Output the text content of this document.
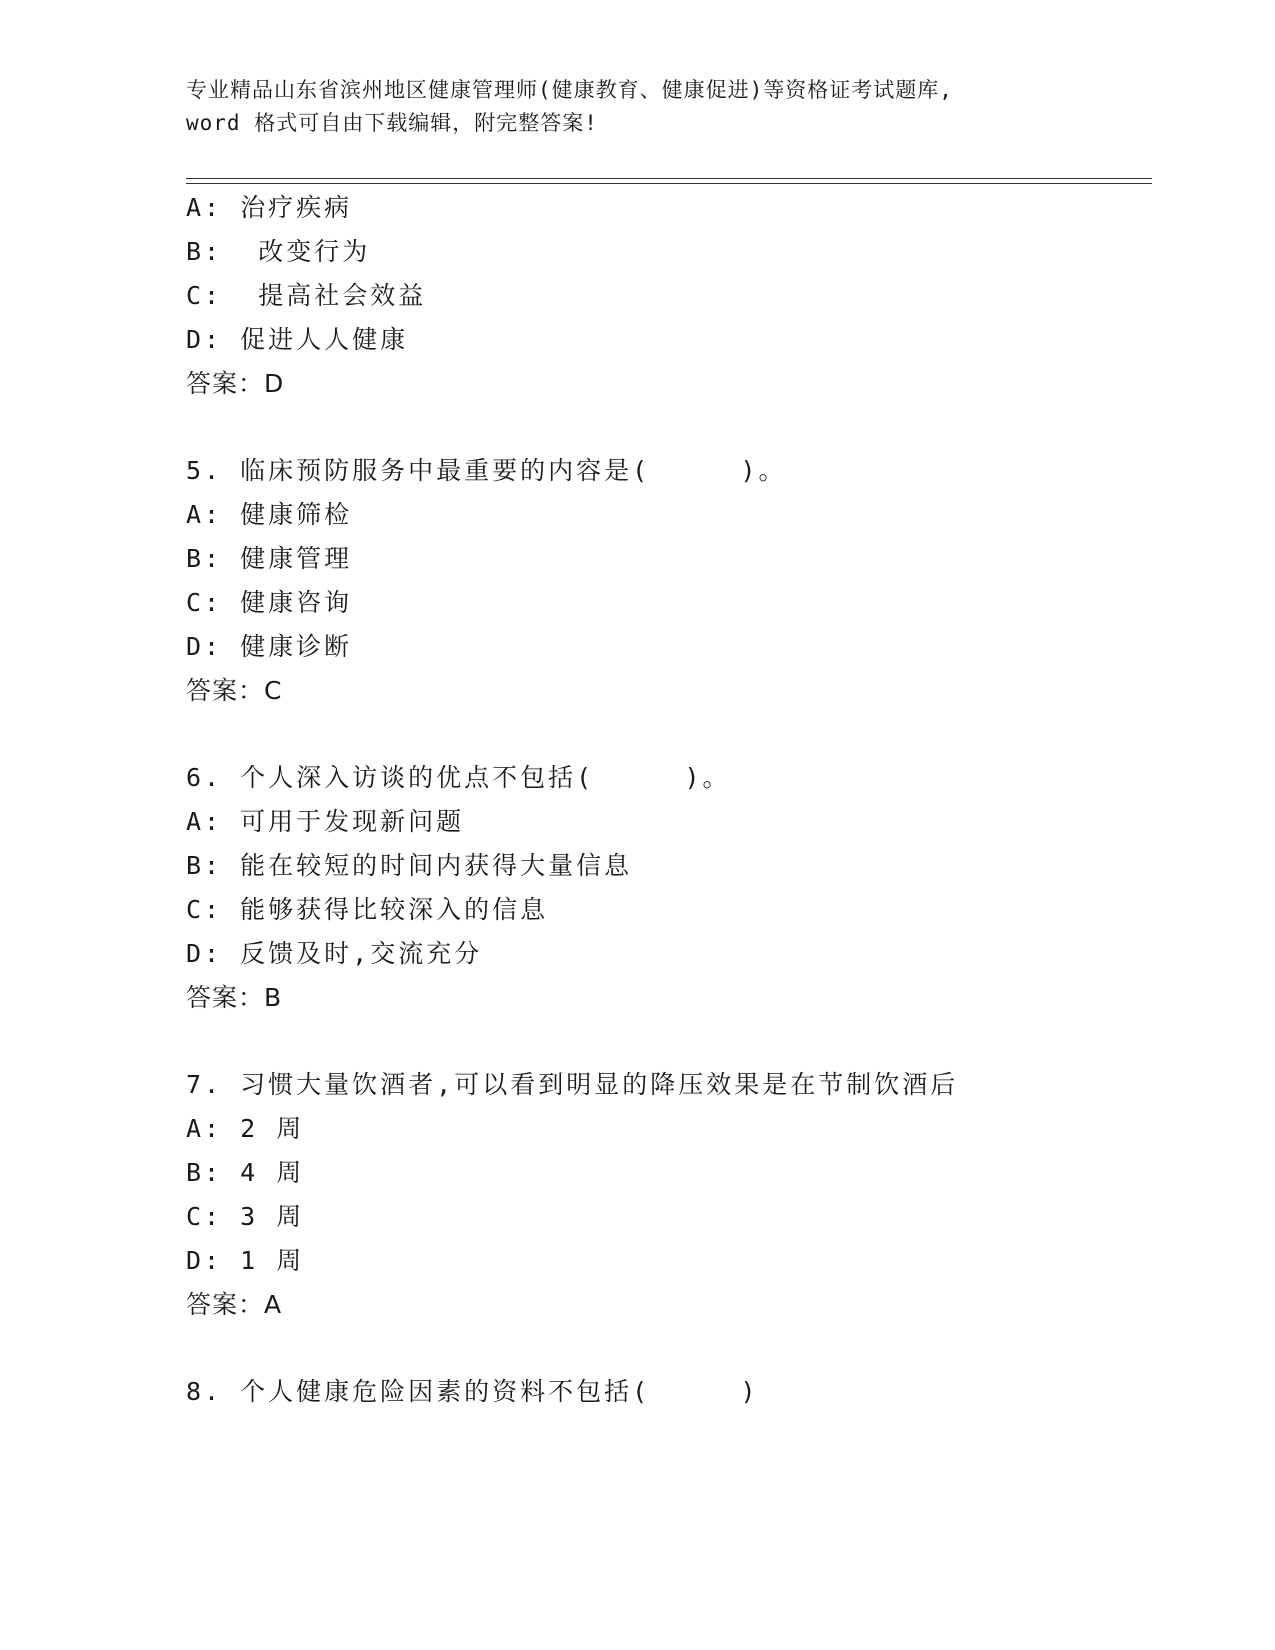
专业精品山东省滨州地区健康管理师(健康教育、健康促进)等资格证考试题库,
word 格式可自由下载编辑，附完整答案!
A: 治疗疾病
B:  改变行为
C:  提高社会效益
D: 促进人人健康
答案：D
5. 临床预防服务中最重要的内容是(     )。
A: 健康筛检
B: 健康管理
C: 健康咨询
D: 健康诊断
答案：C
6. 个人深入访谈的优点不包括(     )。
A: 可用于发现新问题
B: 能在较短的时间内获得大量信息
C: 能够获得比较深入的信息
D: 反馈及时,交流充分
答案：B
7. 习惯大量饮酒者,可以看到明显的降压效果是在节制饮酒后
A: 2 周
B: 4 周
C: 3 周
D: 1 周
答案：A
8. 个人健康危险因素的资料不包括(     )
